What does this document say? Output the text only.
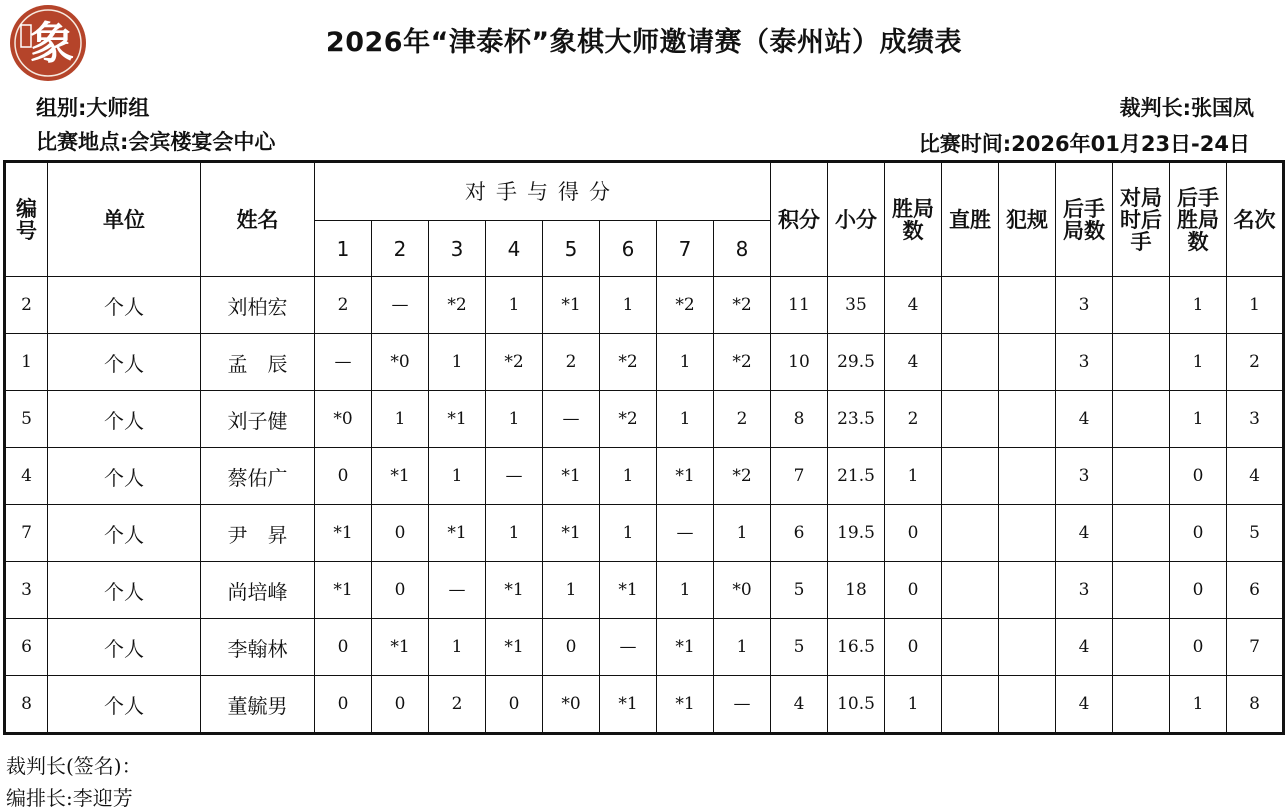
象	2026年“津泰杯”象棋大师邀请赛（泰州站）成绩表
组别:大师组
比赛地点:会宾楼宴会中心
裁判长:张国凤
比赛时间:2026年01月23日-24日
编号	单位	姓名	对手与得分								积分	小分	胜局数	直胜	犯规	后手局数	对局时后手	后手胜局数	名次
			1	2	3	4	5	6	7	8									
2	个人	刘柏宏	2	—	*2	1	*1	1	*2	*2	11	35	4			3		1	1
1	个人	孟　辰	—	*0	1	*2	2	*2	1	*2	10	29.5	4			3		1	2
5	个人	刘子健	*0	1	*1	1	—	*2	1	2	8	23.5	2			4		1	3
4	个人	蔡佑广	0	*1	1	—	*1	1	*1	*2	7	21.5	1			3		0	4
7	个人	尹　昇	*1	0	*1	1	*1	1	—	1	6	19.5	0			4		0	5
3	个人	尚培峰	*1	0	—	*1	1	*1	1	*0	5	18	0			3		0	6
6	个人	李翰林	0	*1	1	*1	0	—	*1	1	5	16.5	0			4		0	7
8	个人	董毓男	0	0	2	0	*0	*1	*1	—	4	10.5	1			4		1	8
裁判长(签名)：
编排长:李迎芳
